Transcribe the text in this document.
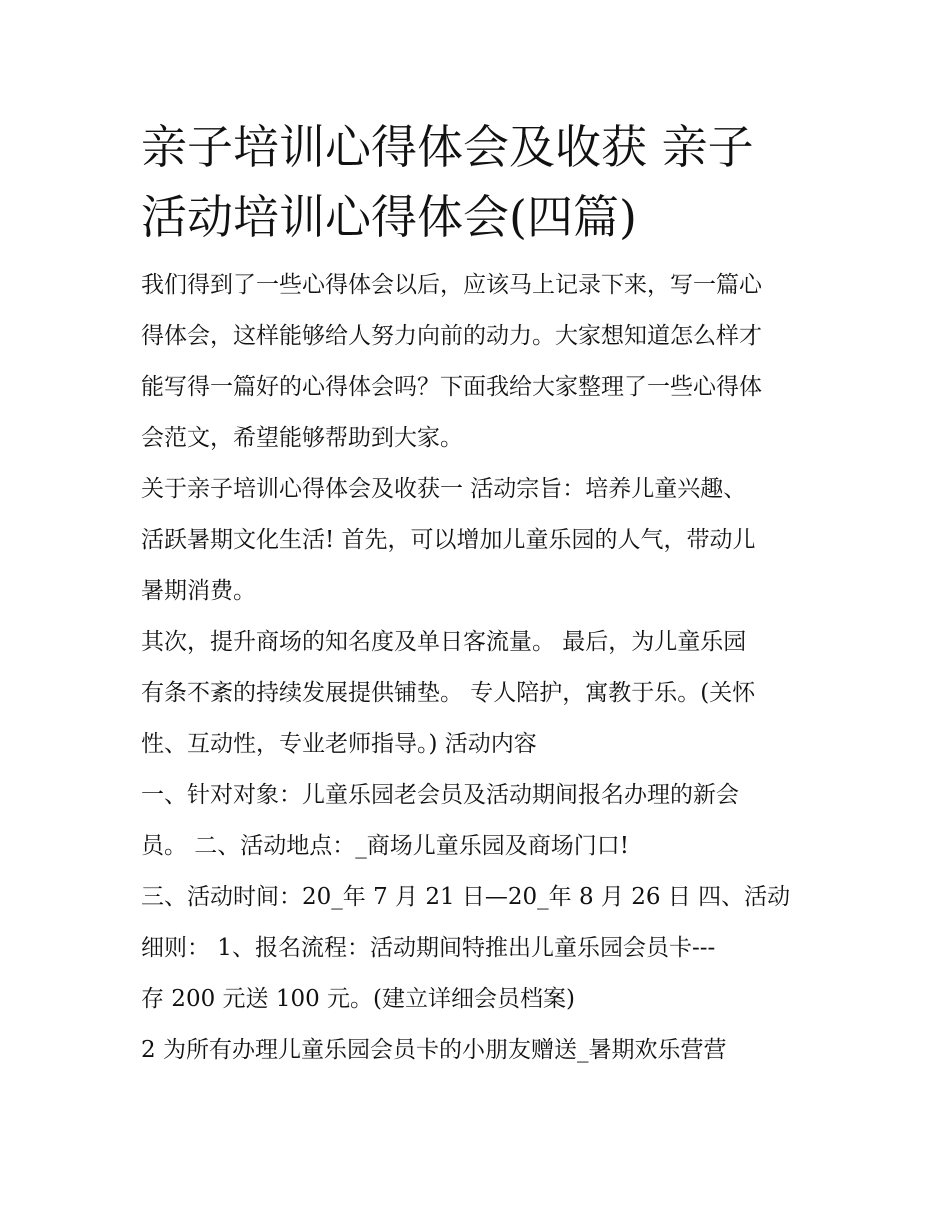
亲子培训心得体会及收获 亲子
活动培训心得体会(四篇)
我们得到了一些心得体会以后，应该马上记录下来，写一篇心
得体会，这样能够给人努力向前的动力。大家想知道怎么样才
能写得一篇好的心得体会吗？下面我给大家整理了一些心得体
会范文，希望能够帮助到大家。
关于亲子培训心得体会及收获一 活动宗旨：培养儿童兴趣、
活跃暑期文化生活! 首先，可以增加儿童乐园的人气，带动儿
暑期消费。
其次，提升商场的知名度及单日客流量。 最后，为儿童乐园
有条不紊的持续发展提供铺垫。 专人陪护，寓教于乐。(关怀
性、互动性，专业老师指导。) 活动内容
一、针对对象：儿童乐园老会员及活动期间报名办理的新会
员。 二、活动地点：_商场儿童乐园及商场门口!
三、活动时间：20_年 7 月 21 日—20_年 8 月 26 日 四、活动
细则： 1、报名流程：活动期间特推出儿童乐园会员卡---
存 200 元送 100 元。(建立详细会员档案)
2 为所有办理儿童乐园会员卡的小朋友赠送_暑期欢乐营营
